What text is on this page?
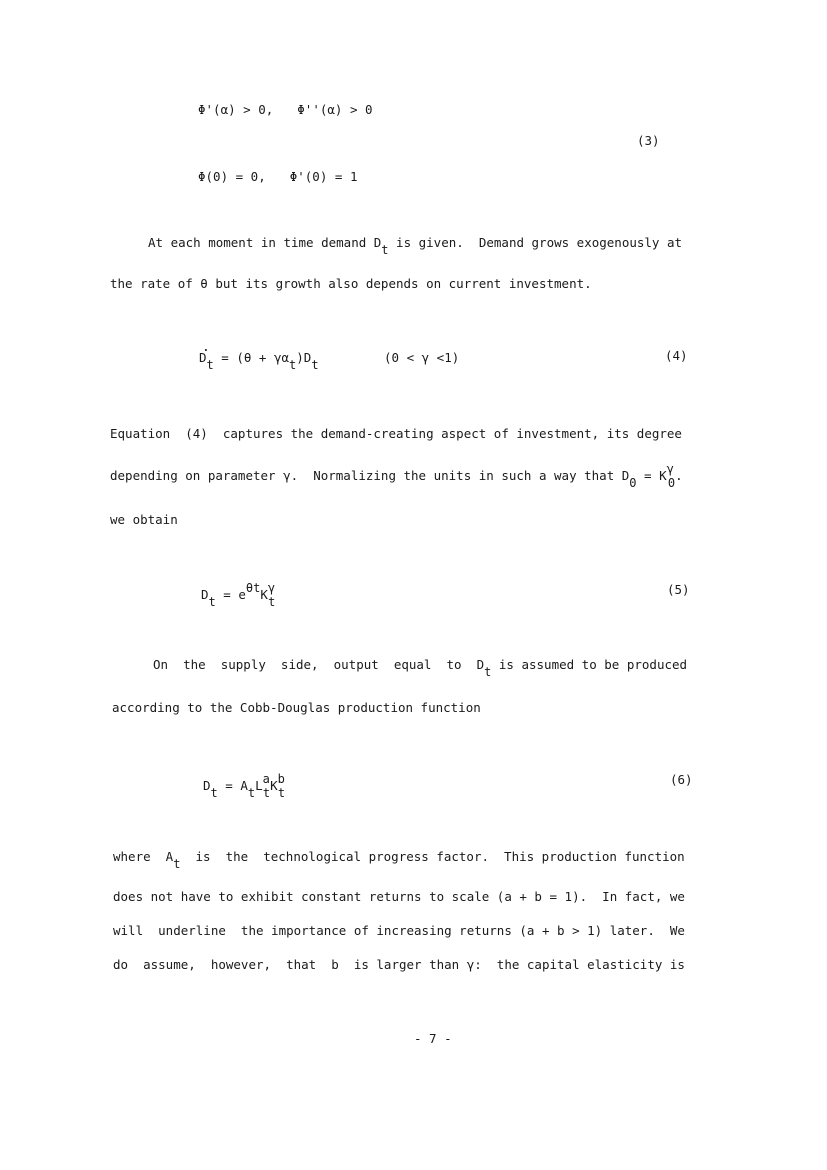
Φ'(α) > 0, Φ''(α) > 0
(3)
Φ(0) = 0, Φ'(0) = 1
At each moment in time demand Dt is given.  Demand grows exogenously at
the rate of θ but its growth also depends on current investment.
. Dt = (θ + γαt)Dt	(0 < γ <1)	(4)
Equation  (4)  captures the demand-creating aspect of investment, its degree
depending on parameter γ.  Normalizing the units in such a way that D0 = Kγ0.
we obtain
Dt = eθtKγt
(5)
On  the  supply  side,  output  equal  to  Dt is assumed to be produced
according to the Cobb-Douglas production function
Dt = AtLatKbt
(6)
where  At  is  the  technological progress factor.  This production function
does not have to exhibit constant returns to scale (a + b = 1).  In fact, we
will  underline  the importance of increasing returns (a + b > 1) later.  We
do  assume,  however,  that  b  is larger than γ:  the capital elasticity is
- 7 -
